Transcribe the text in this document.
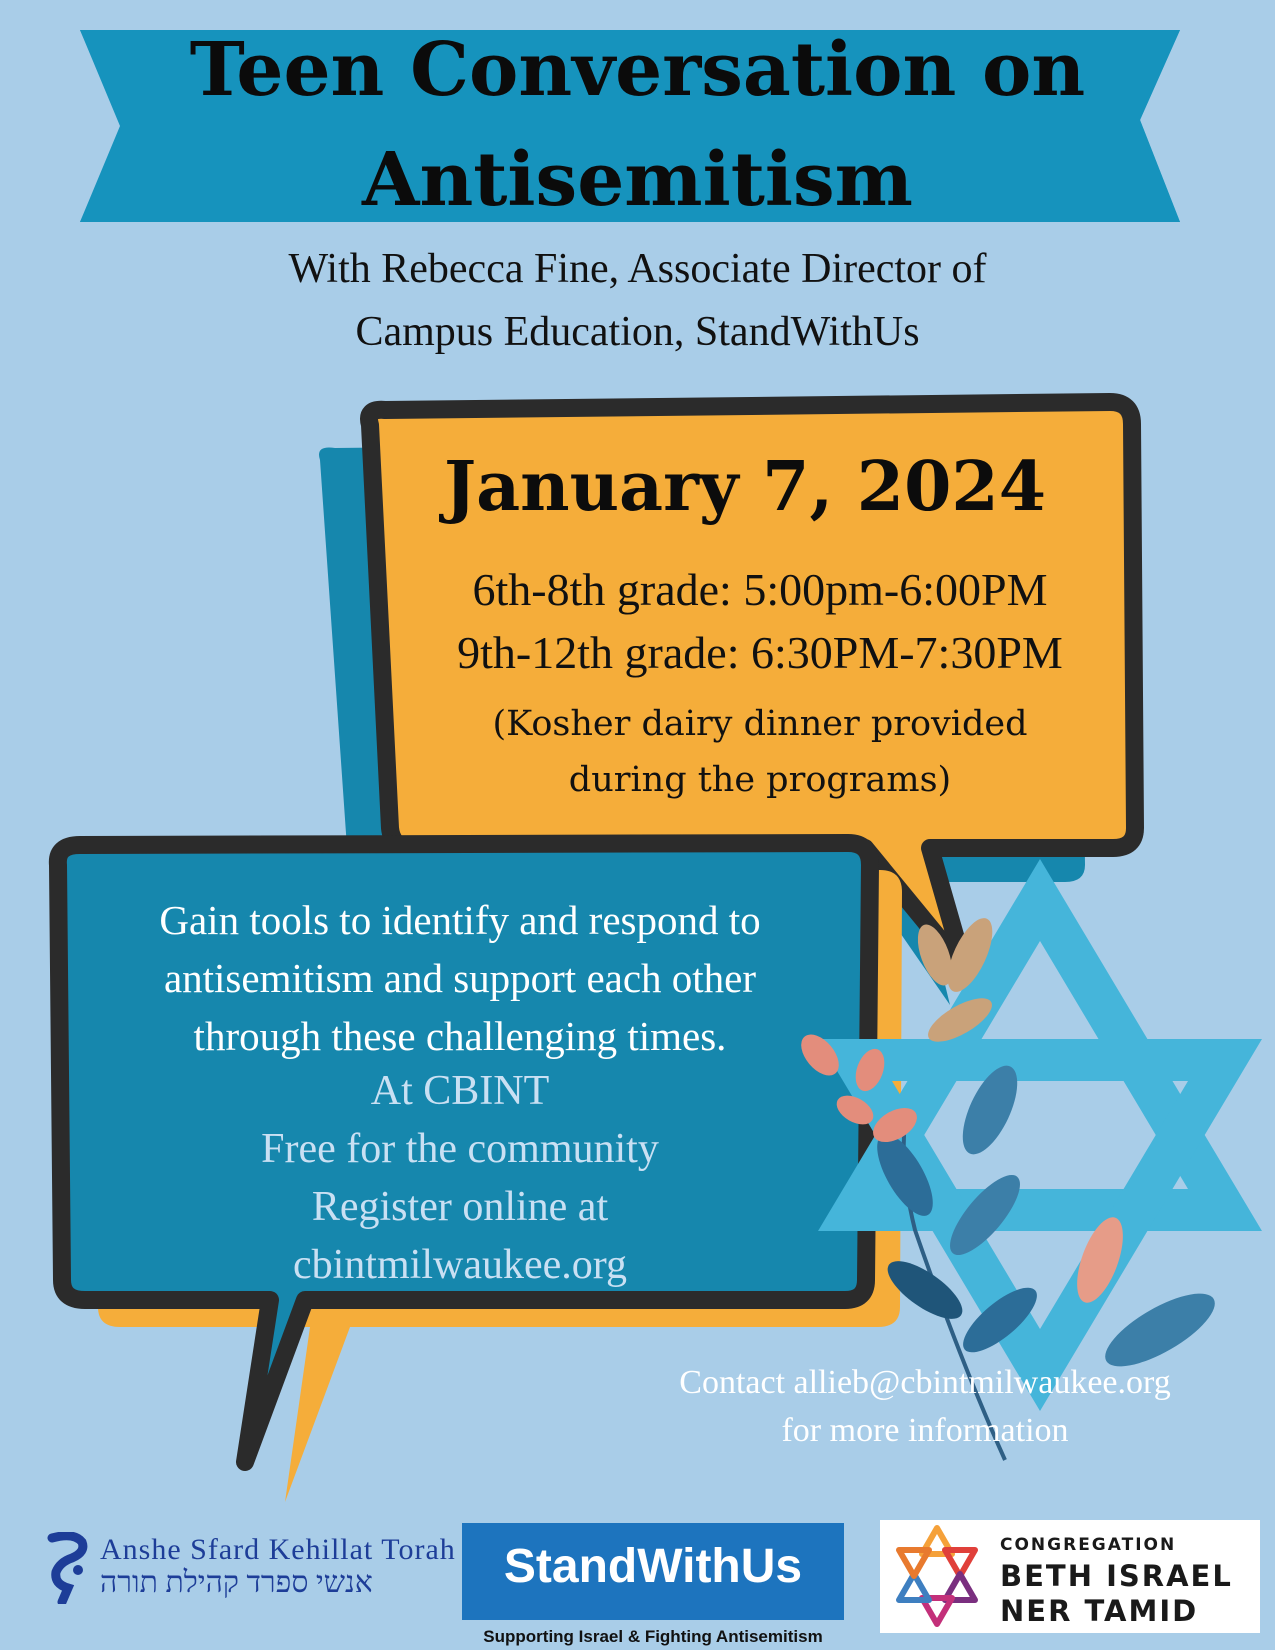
Teen Conversation on
Antisemitism
With Rebecca Fine, Associate Director of
Campus Education, StandWithUs
January 7, 2024
6th-8th grade: 5:00pm-6:00PM
9th-12th grade: 6:30PM-7:30PM
(Kosher dairy dinner provided
during the programs)
Gain tools to identify and respond to
antisemitism and support each other
through these challenging times.
At CBINT
Free for the community
Register online at
cbintmilwaukee.org
Contact allieb@cbintmilwaukee.org
for more information
Anshe Sfard Kehillat Torah
אנשי ספרד קהילת תורה	StandWithUs
Supporting Israel & Fighting Antisemitism
CONGREGATION
BETH ISRAEL
NER TAMID
